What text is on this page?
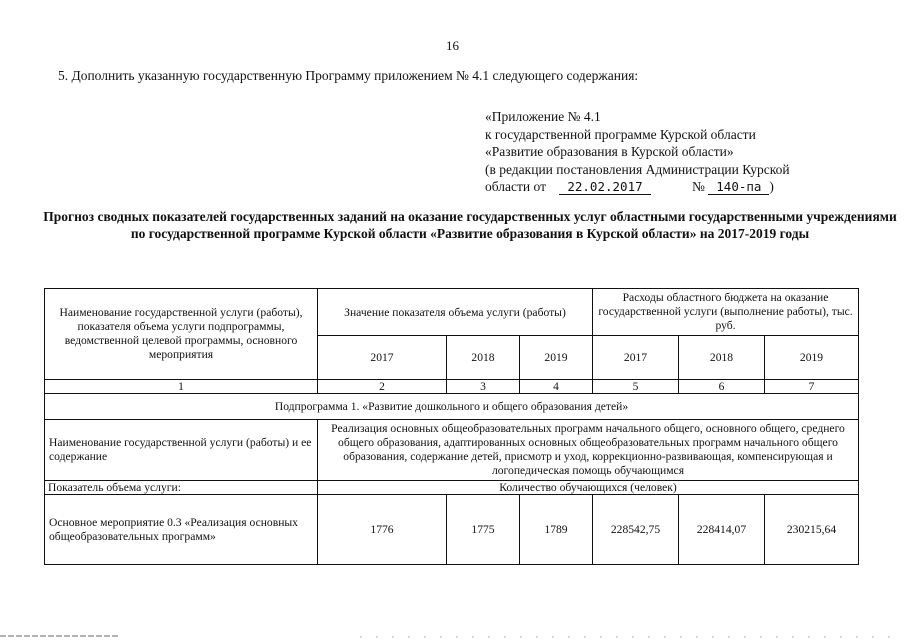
16
5. Дополнить указанную государственную Программу приложением № 4.1 следующего содержания:
«Приложение № 4.1
к государственной программе Курской области
«Развитие образования в Курской области»
(в редакции постановления Администрации Курской
области от 22.02.2017	№ 140-па )
Прогноз сводных показателей государственных заданий на оказание государственных услуг областными государственными учреждениями по государственной программе Курской области «Развитие образования в Курской области» на 2017-2019 годы
Наименование государственной услуги (работы), показателя объема услуги подпрограммы, ведомственной целевой программы, основного мероприятия	Значение показателя объема услуги (работы)			Расходы областного бюджета на оказание государственной услуги (выполнение работы), тыс. руб.		
	2017	2018	2019	2017	2018	2019
1	2	3	4	5	6	7
Подпрограмма 1. «Развитие дошкольного и общего образования детей»						
Наименование государственной услуги (работы) и ее содержание	Реализация основных общеобразовательных программ начального общего, основного общего, среднего общего образования, адаптированных основных общеобразовательных программ начального общего образования, содержание детей, присмотр и уход, коррекционно-развивающая, компенсирующая и логопедическая помощь обучающимся					
Показатель объема услуги:	Количество обучающихся (человек)					
Основное мероприятие 0.3 «Реализация основных общеобразовательных программ»	1776	1775	1789	228542,75	228414,07	230215,64
